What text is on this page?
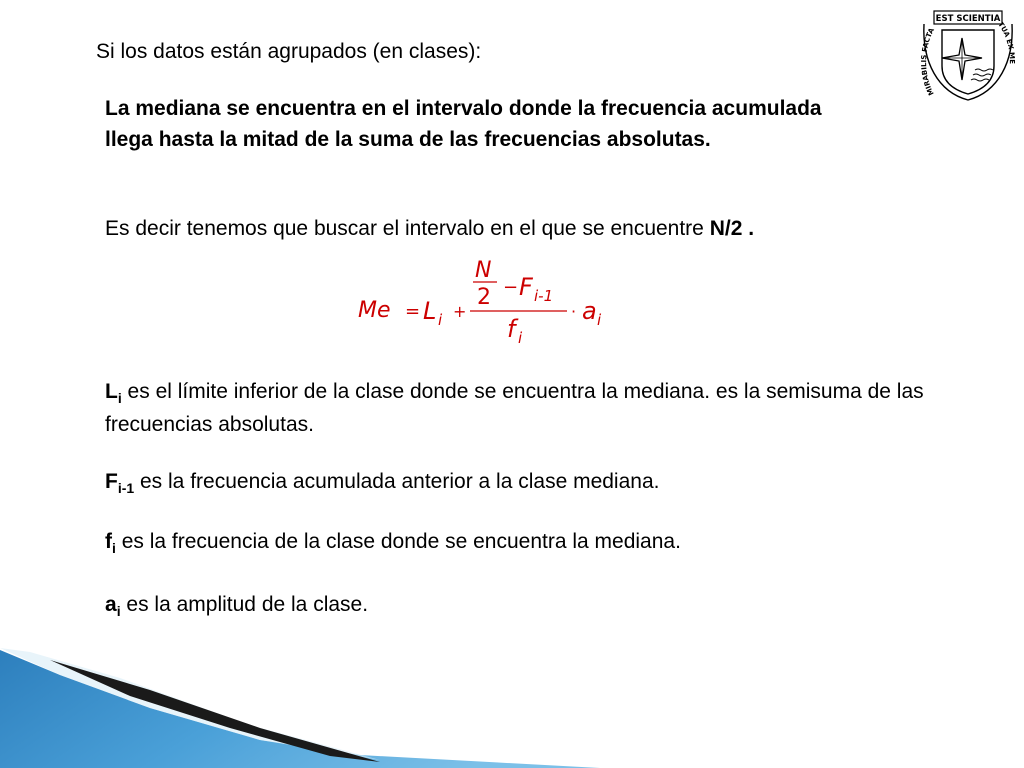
Si los datos están agrupados (en clases):
La mediana se encuentra en el intervalo donde la frecuencia acumulada llega hasta la mitad de la suma de las frecuencias absolutas.
Es decir tenemos que buscar el intervalo en el que se encuentre N/2 .
Me = L i +
N
2 − F i-1
f i
· a i
$L_i$ es el límite inferior de la clase donde se encuentra la mediana. es la semisuma de las frecuencias absolutas.
$F_{i-1}$ es la frecuencia acumulada anterior a la clase mediana.
$f_i$ es la frecuencia de la clase donde se encuentra la mediana.
$a_i$ es la amplitud de la clase.
EST SCIENTIA
MIRABILIS FACTA
TUA EX ME
